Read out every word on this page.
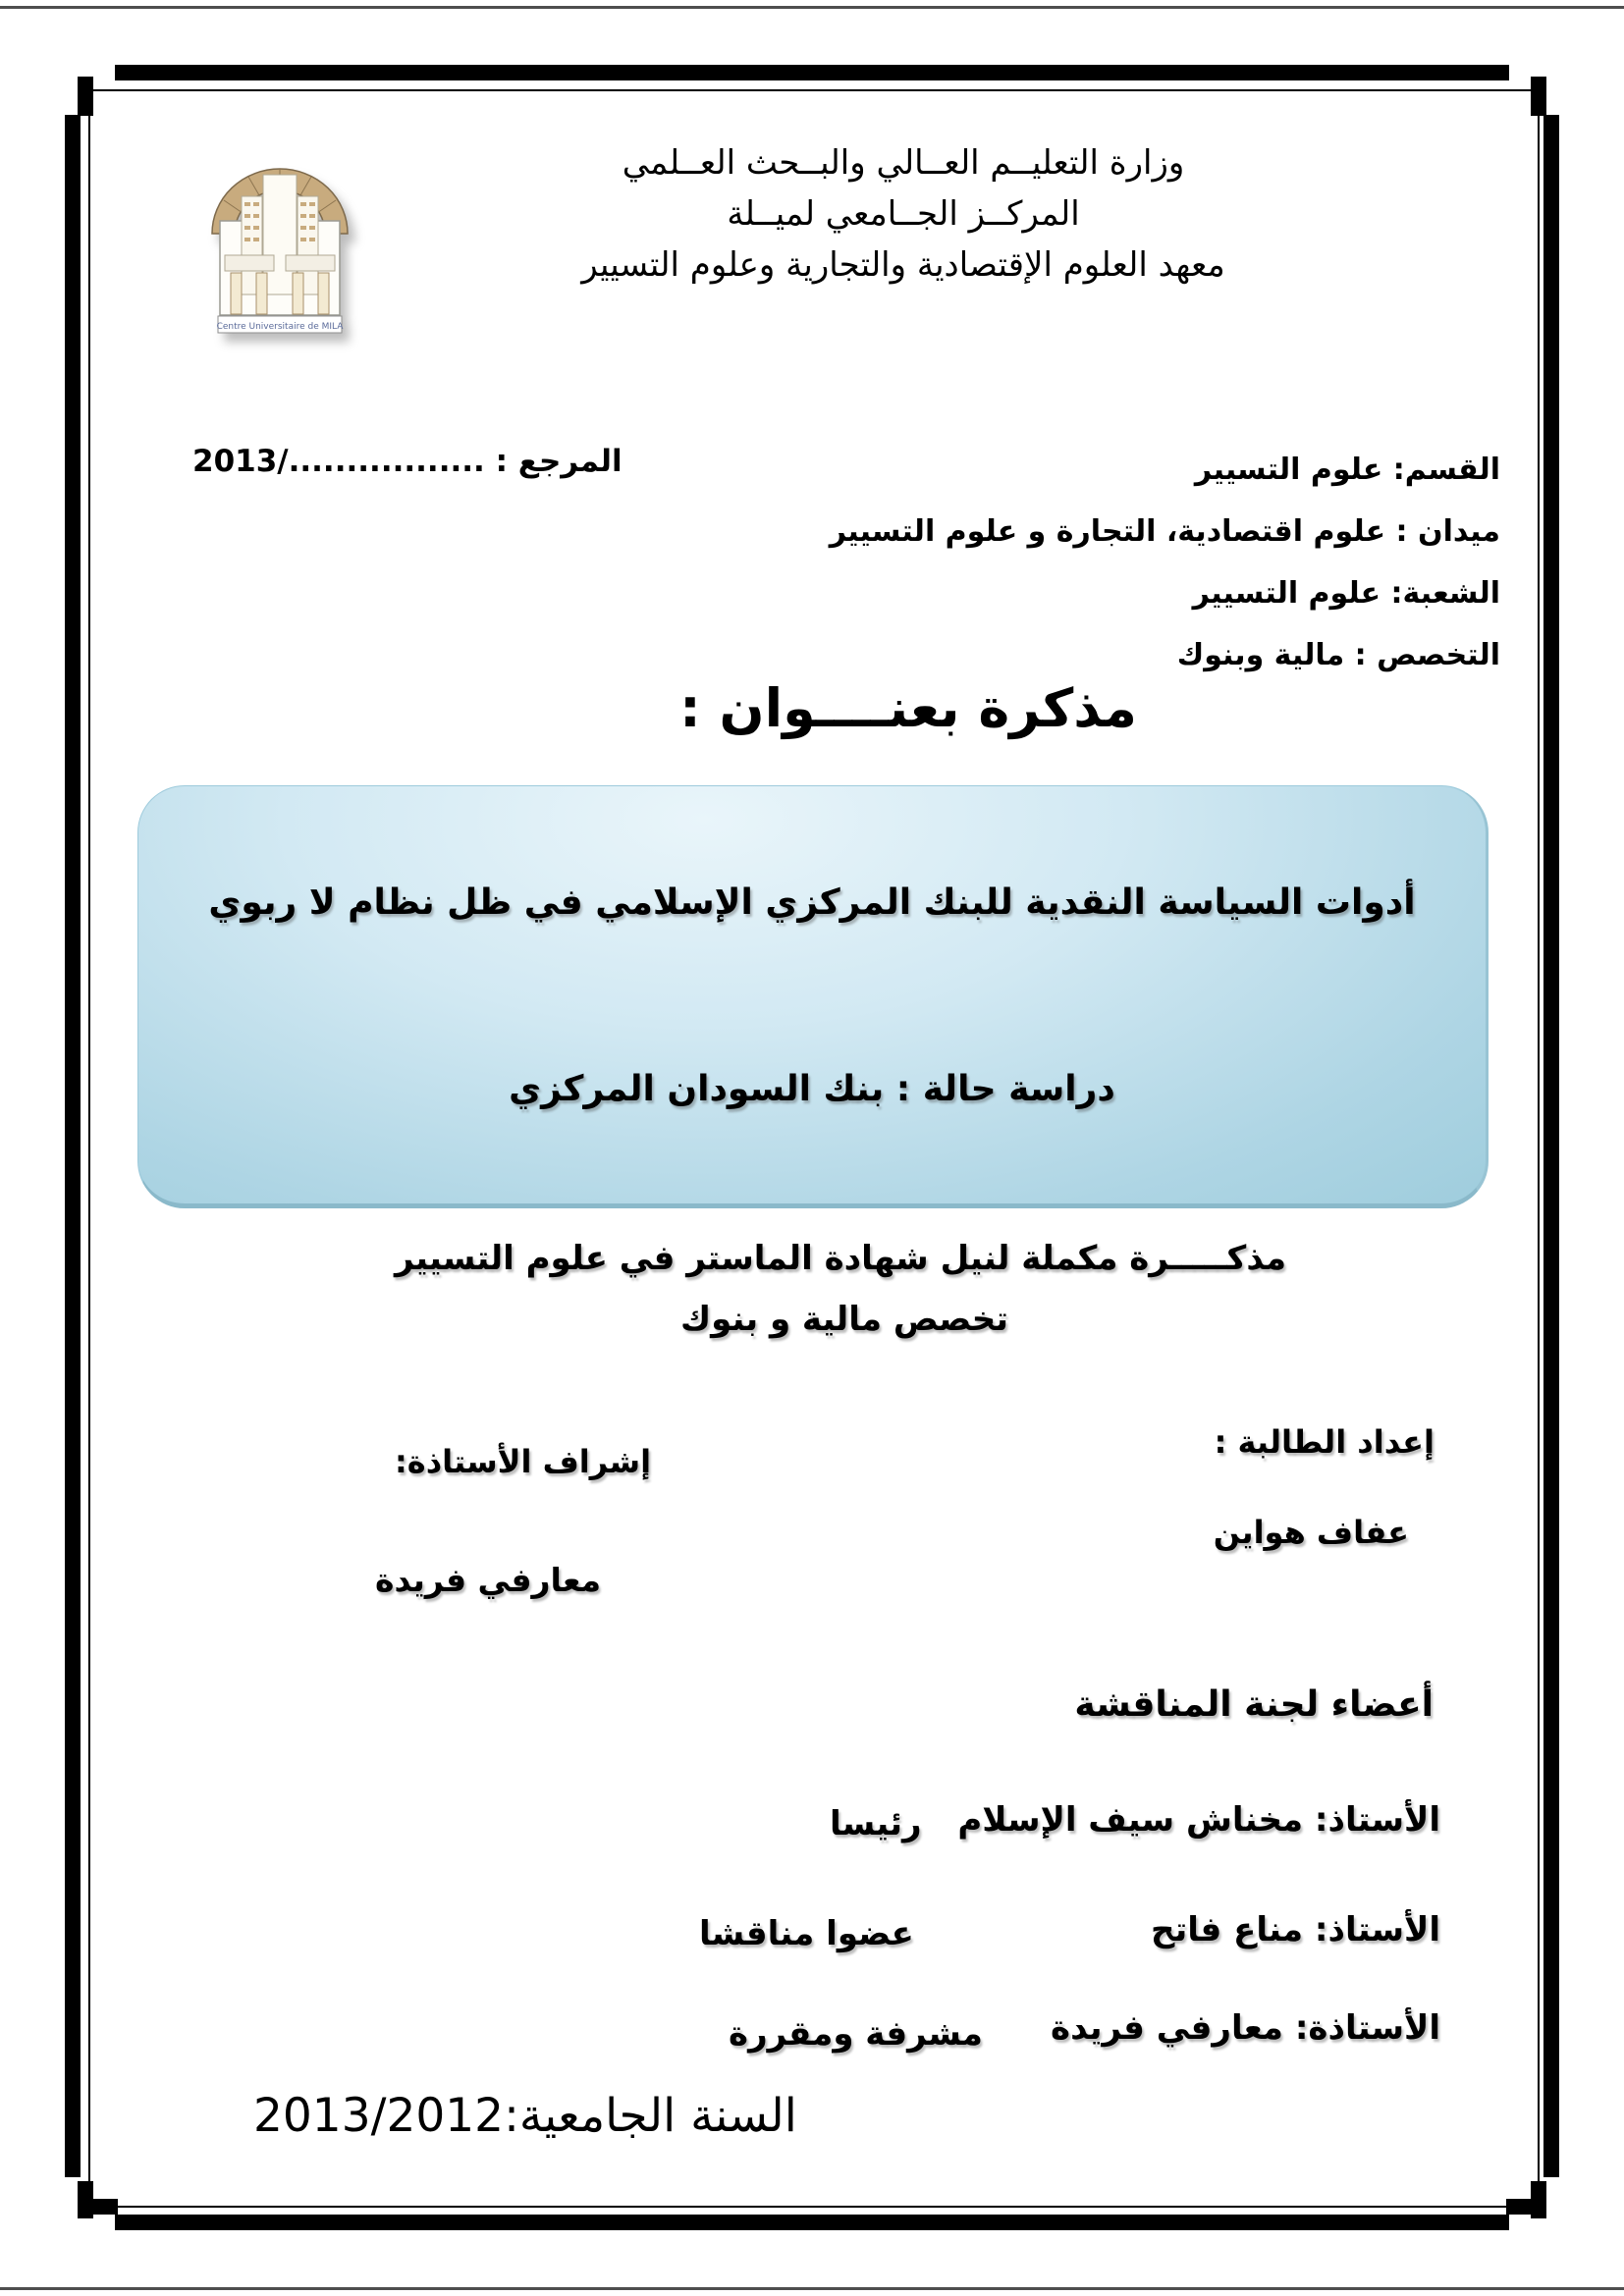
Centre Universitaire de MILA
وزارة التعليــم العــالي والبــحث العــلمي
المركــز الجــامعي لميــلة
معهد العلوم الإقتصادية والتجارية وعلوم التسيير
القسم: علوم التسيير
ميدان : علوم اقتصادية، التجارة و علوم التسيير
الشعبة: علوم التسيير
التخصص : مالية وبنوك
المرجع : ................./2013
مذكرة بعنــــوان :
أدوات السياسة النقدية للبنك المركزي الإسلامي في ظل نظام لا ربوي
دراسة حالة : بنك السودان المركزي
مذكـــــرة مكملة لنيل شهادة الماستر في علوم التسيير
تخصص مالية و بنوك
إعداد الطالبة :
عفاف هواين
إشراف الأستاذة:
معارفي فريدة
أعضاء لجنة المناقشة
الأستاذ: مخناش سيف الإسلام
رئيسا
الأستاذ: مناع فاتح
عضوا مناقشا
الأستاذة: معارفي فريدة
مشرفة ومقررة
السنة الجامعية:2013/2012
